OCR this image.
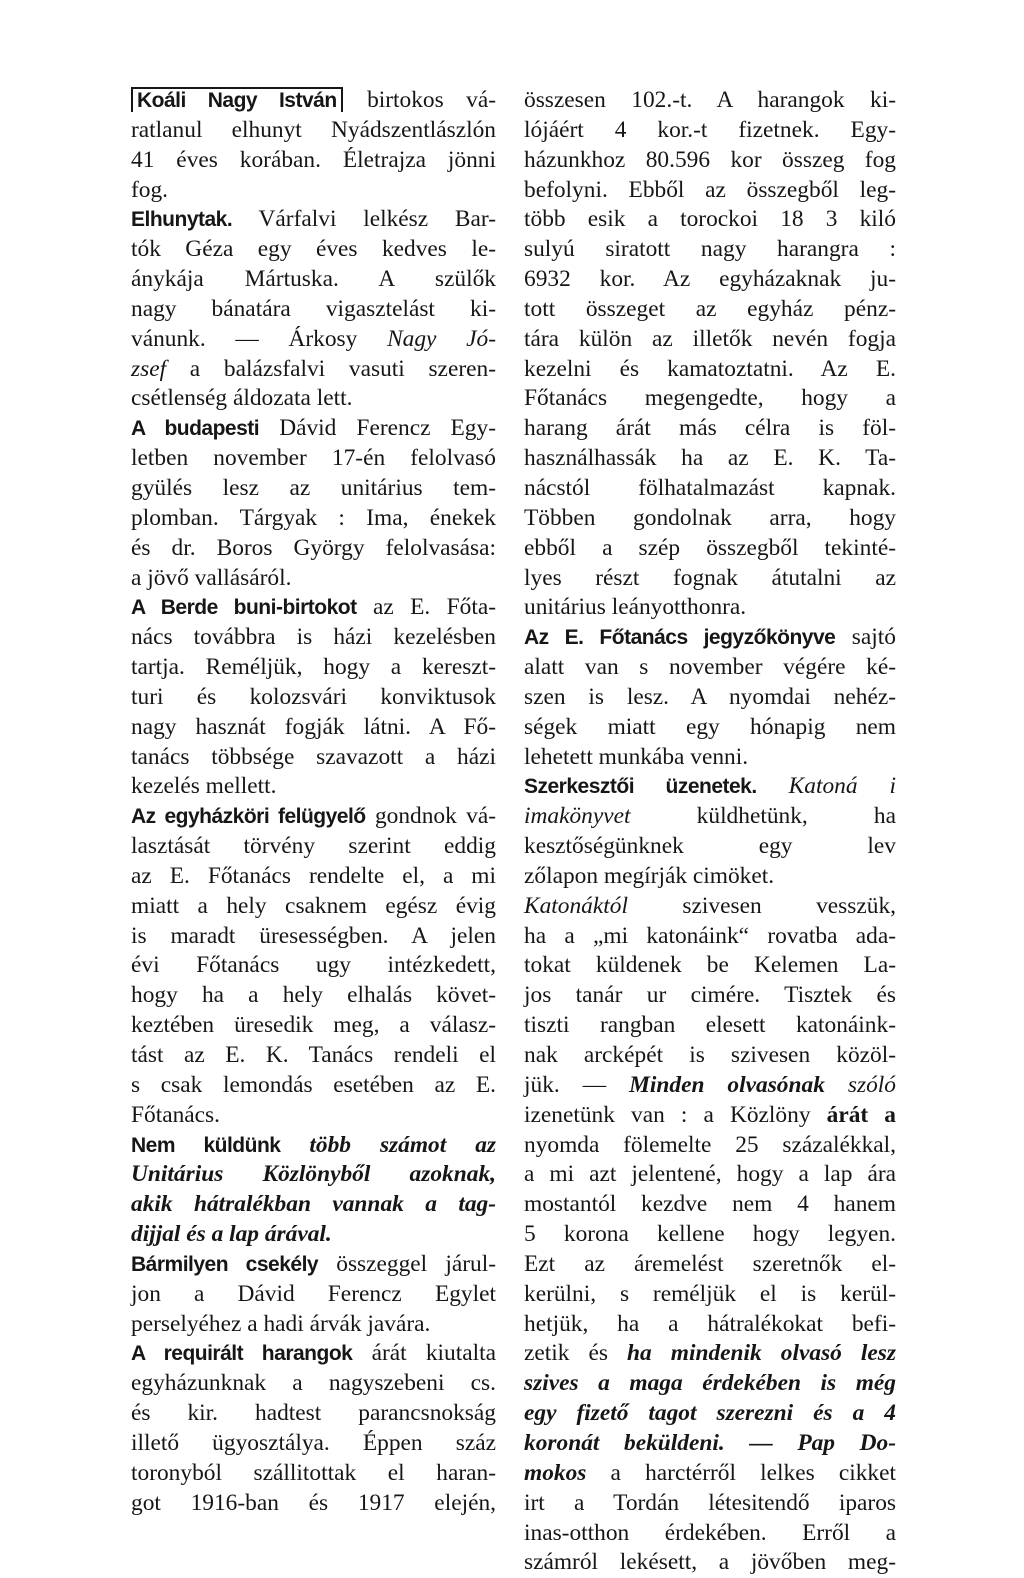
Koáli Nagy István birtokos vá-
ratlanul elhunyt Nyádszentlászlón
41 éves korában. Életrajza jönni
fog.

Elhunytak. Várfalvi lelkész Bar-
tók Géza egy éves kedves le-
ánykája Mártuska. A szülők
nagy bánatára vigasztelást ki-
vánunk. — Árkosy Nagy Jó-
zsef a balázsfalvi vasuti szeren-
csétlenség áldozata lett.

A budapesti Dávid Ferencz Egy-
letben november 17-én felolvasó
gyülés lesz az unitárius tem-
plomban. Tárgyak : Ima, énekek
és dr. Boros György felolvasása:
a jövő vallásáról.

A Berde buni-birtokot az E. Főta-
nács továbbra is házi kezelésben
tartja. Reméljük, hogy a kereszt-
turi és kolozsvári konviktusok
nagy hasznát fogják látni. A Fő-
tanács többsége szavazott a házi
kezelés mellett.

Az egyházköri felügyelő gondnok vá-
lasztását törvény szerint eddig
az E. Főtanács rendelte el, a mi
miatt a hely csaknem egész évig
is maradt üresességben. A jelen
évi Főtanács ugy intézkedett,
hogy ha a hely elhalás követ-
keztében üresedik meg, a válasz-
tást az E. K. Tanács rendeli el
s csak lemondás esetében az E.
Főtanács.

Nem küldünk több számot az
Unitárius Közlönyből azoknak,
akik hátralékban vannak a tag-
dijjal és a lap árával.

Bármilyen csekély összeggel járul-
jon a Dávid Ferencz Egylet
perselyéhez a hadi árvák javára.

A requirált harangok árát kiutalta
egyházunknak a nagyszebeni cs.
és kir. hadtest parancsnokság
illető ügyosztálya. Éppen száz
toronyból szállitottak el haran-
got 1916-ban és 1917 elején,

összesen 102.-t. A harangok ki-
lójáért 4 kor.-t fizetnek. Egy-
házunkhoz 80.596 kor összeg fog
befolyni. Ebből az összegből leg-
több esik a torockoi 18 3 kiló
sulyú siratott nagy harangra :
6932 kor. Az egyházaknak ju-
tott összeget az egyház pénz-
tára külön az illetők nevén fogja
kezelni és kamatoztatni. Az E.
Főtanács megengedte, hogy a
harang árát más célra is föl-
használhassák ha az E. K. Ta-
nácstól fölhatalmazást kapnak.
Többen gondolnak arra, hogy
ebből a szép összegből tekinté-
lyes részt fognak átutalni az
unitárius leányotthonra.

Az E. Főtanács jegyzőkönyve sajtó
alatt van s november végére ké-
szen is lesz. A nyomdai nehéz-
ségek miatt egy hónapig nem
lehetett munkába venni.

Szerkesztői üzenetek. Katoná i
imakönyvet	küldhetünk, ha
kesztőségünknek egy lev
zőlapon megírják cimöket.
Katonáktól szivesen vesszük,
ha a „mi katonáink“ rovatba ada-
tokat küldenek be Kelemen La-
jos tanár ur cimére. Tisztek és
tiszti rangban elesett katonáink-
nak arcképét is szivesen közöl-
jük. — Minden olvasónak szóló
izenetünk van : a Közlöny árát a
nyomda fölemelte 25 százalékkal,
a mi azt jelentené, hogy a lap ára
mostantól kezdve nem 4 hanem
5 korona kellene hogy legyen.
Ezt az áremelést szeretnők el-
kerülni, s reméljük el is kerül-
hetjük, ha a hátralékokat befi-
zetik és ha mindenik olvasó lesz
szives a maga érdekében is még
egy fizető tagot szerezni és a 4
koronát beküldeni. — Pap Do-
mokos a harctérről lelkes cikket
irt a Tordán létesitendő iparos
inas-otthon érdekében. Erről a
számról lekésett, a jövőben meg-
